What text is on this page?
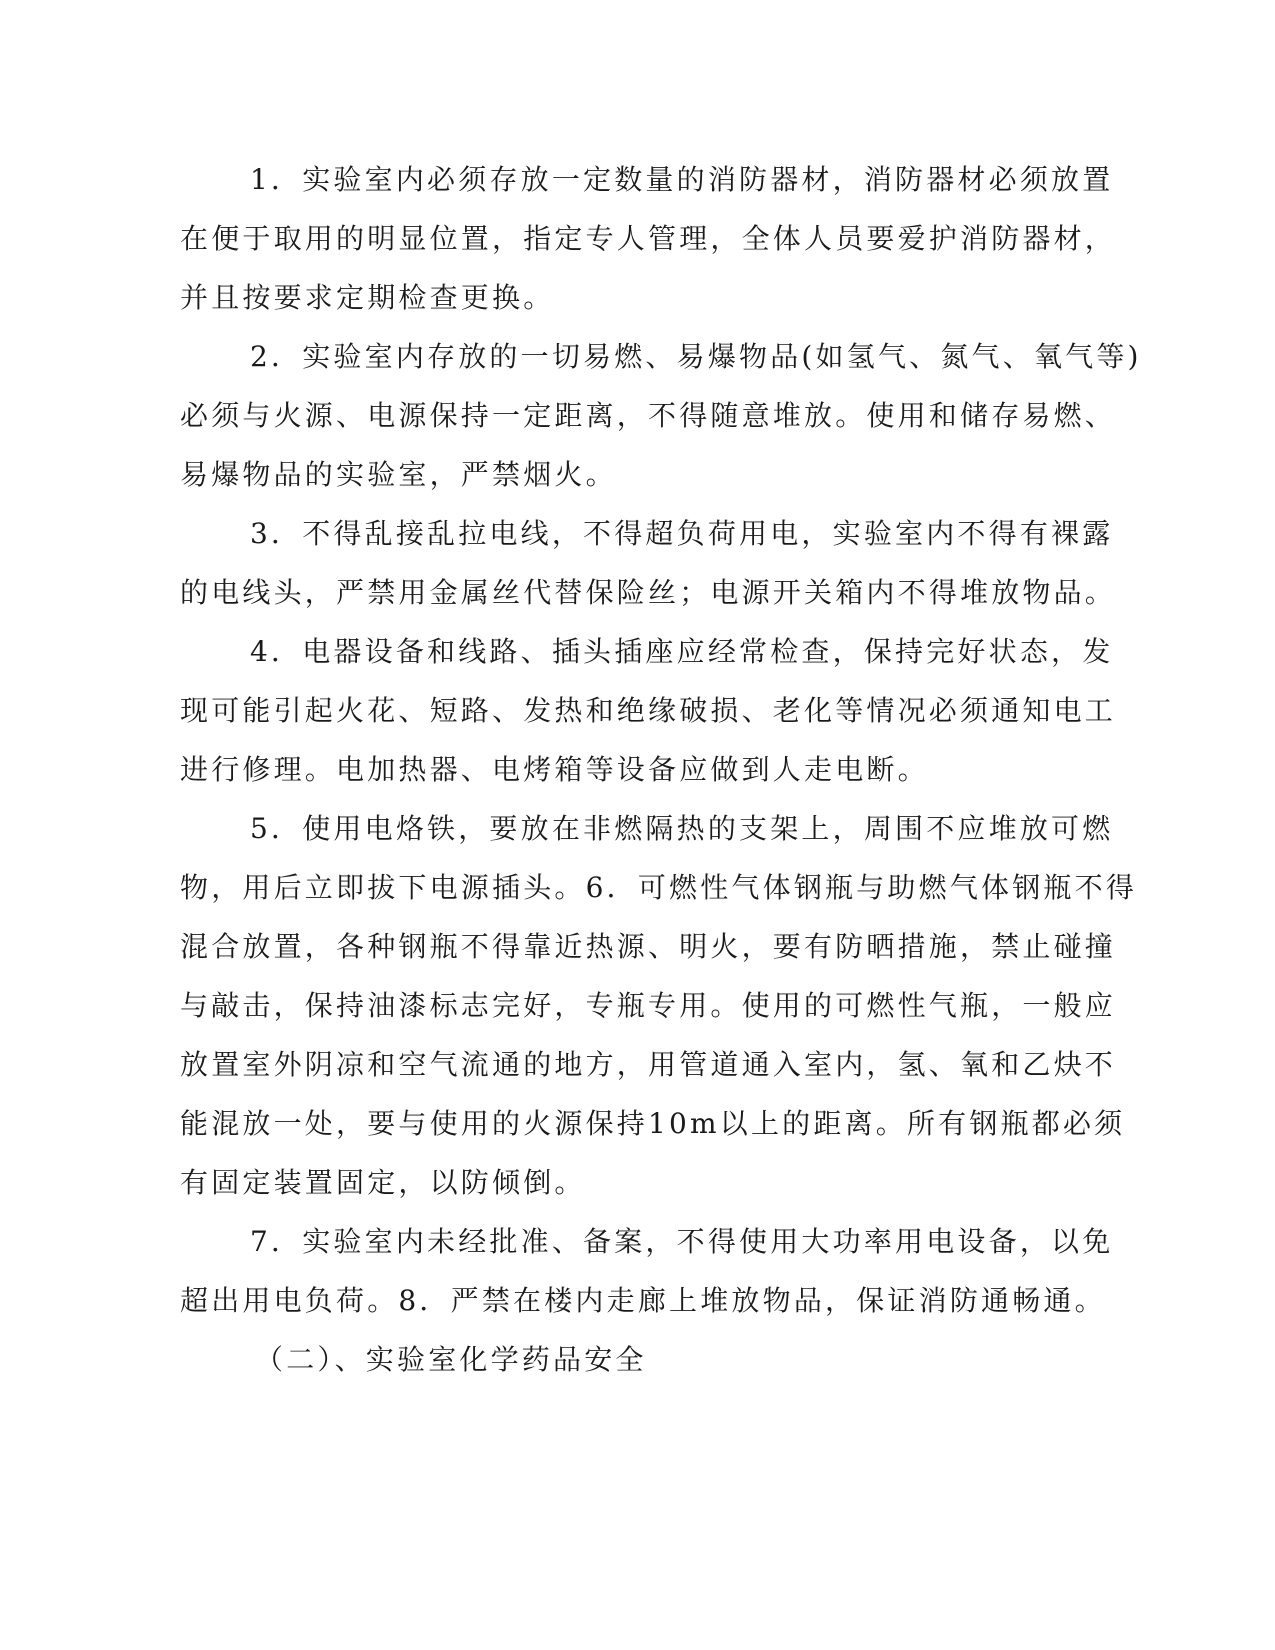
1．实验室内必须存放一定数量的消防器材，消防器材必须放置
在便于取用的明显位置，指定专人管理，全体人员要爱护消防器材，
并且按要求定期检查更换。
2．实验室内存放的一切易燃、易爆物品(如氢气、氮气、氧气等)
必须与火源、电源保持一定距离，不得随意堆放。使用和储存易燃、
易爆物品的实验室，严禁烟火。
3．不得乱接乱拉电线，不得超负荷用电，实验室内不得有裸露
的电线头，严禁用金属丝代替保险丝；电源开关箱内不得堆放物品。
4．电器设备和线路、插头插座应经常检查，保持完好状态，发
现可能引起火花、短路、发热和绝缘破损、老化等情况必须通知电工
进行修理。电加热器、电烤箱等设备应做到人走电断。
5．使用电烙铁，要放在非燃隔热的支架上，周围不应堆放可燃
物，用后立即拔下电源插头。6．可燃性气体钢瓶与助燃气体钢瓶不得
混合放置，各种钢瓶不得靠近热源、明火，要有防晒措施，禁止碰撞
与敲击，保持油漆标志完好，专瓶专用。使用的可燃性气瓶，一般应
放置室外阴凉和空气流通的地方，用管道通入室内，氢、氧和乙炔不
能混放一处，要与使用的火源保持10m以上的距离。所有钢瓶都必须
有固定装置固定，以防倾倒。
7．实验室内未经批准、备案，不得使用大功率用电设备，以免
超出用电负荷。8．严禁在楼内走廊上堆放物品，保证消防通畅通。
（二）、实验室化学药品安全
